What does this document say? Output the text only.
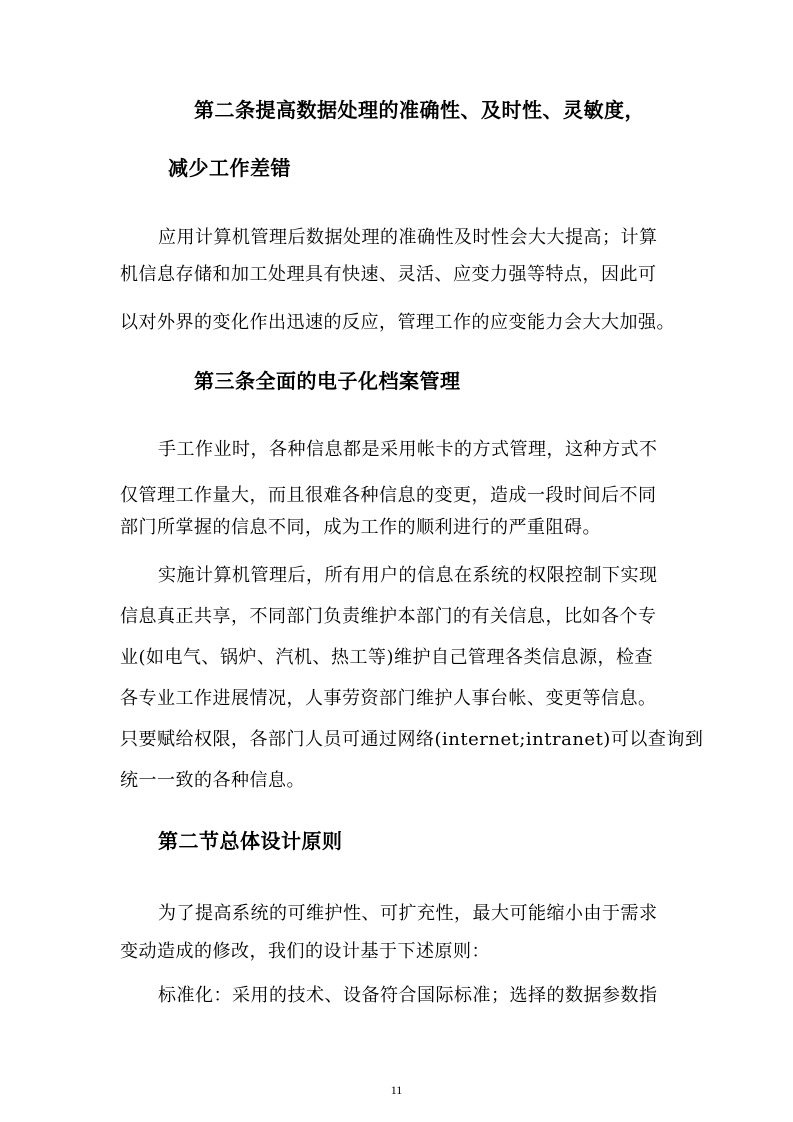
第二条提高数据处理的准确性、及时性、灵敏度，
减少工作差错
应用计算机管理后数据处理的准确性及时性会大大提高；计算
机信息存储和加工处理具有快速、灵活、应变力强等特点，因此可
以对外界的变化作出迅速的反应，管理工作的应变能力会大大加强。
第三条全面的电子化档案管理
手工作业时，各种信息都是采用帐卡的方式管理，这种方式不
仅管理工作量大，而且很难各种信息的变更，造成一段时间后不同
部门所掌握的信息不同，成为工作的顺利进行的严重阻碍。
实施计算机管理后，所有用户的信息在系统的权限控制下实现
信息真正共享，不同部门负责维护本部门的有关信息，比如各个专
业(如电气、锅炉、汽机、热工等)维护自己管理各类信息源，检查
各专业工作进展情况，人事劳资部门维护人事台帐、变更等信息。
只要赋给权限，各部门人员可通过网络(internet;intranet)可以查询到
统一一致的各种信息。
第二节总体设计原则
为了提高系统的可维护性、可扩充性，最大可能缩小由于需求
变动造成的修改，我们的设计基于下述原则：
标准化：采用的技术、设备符合国际标准；选择的数据参数指
11
